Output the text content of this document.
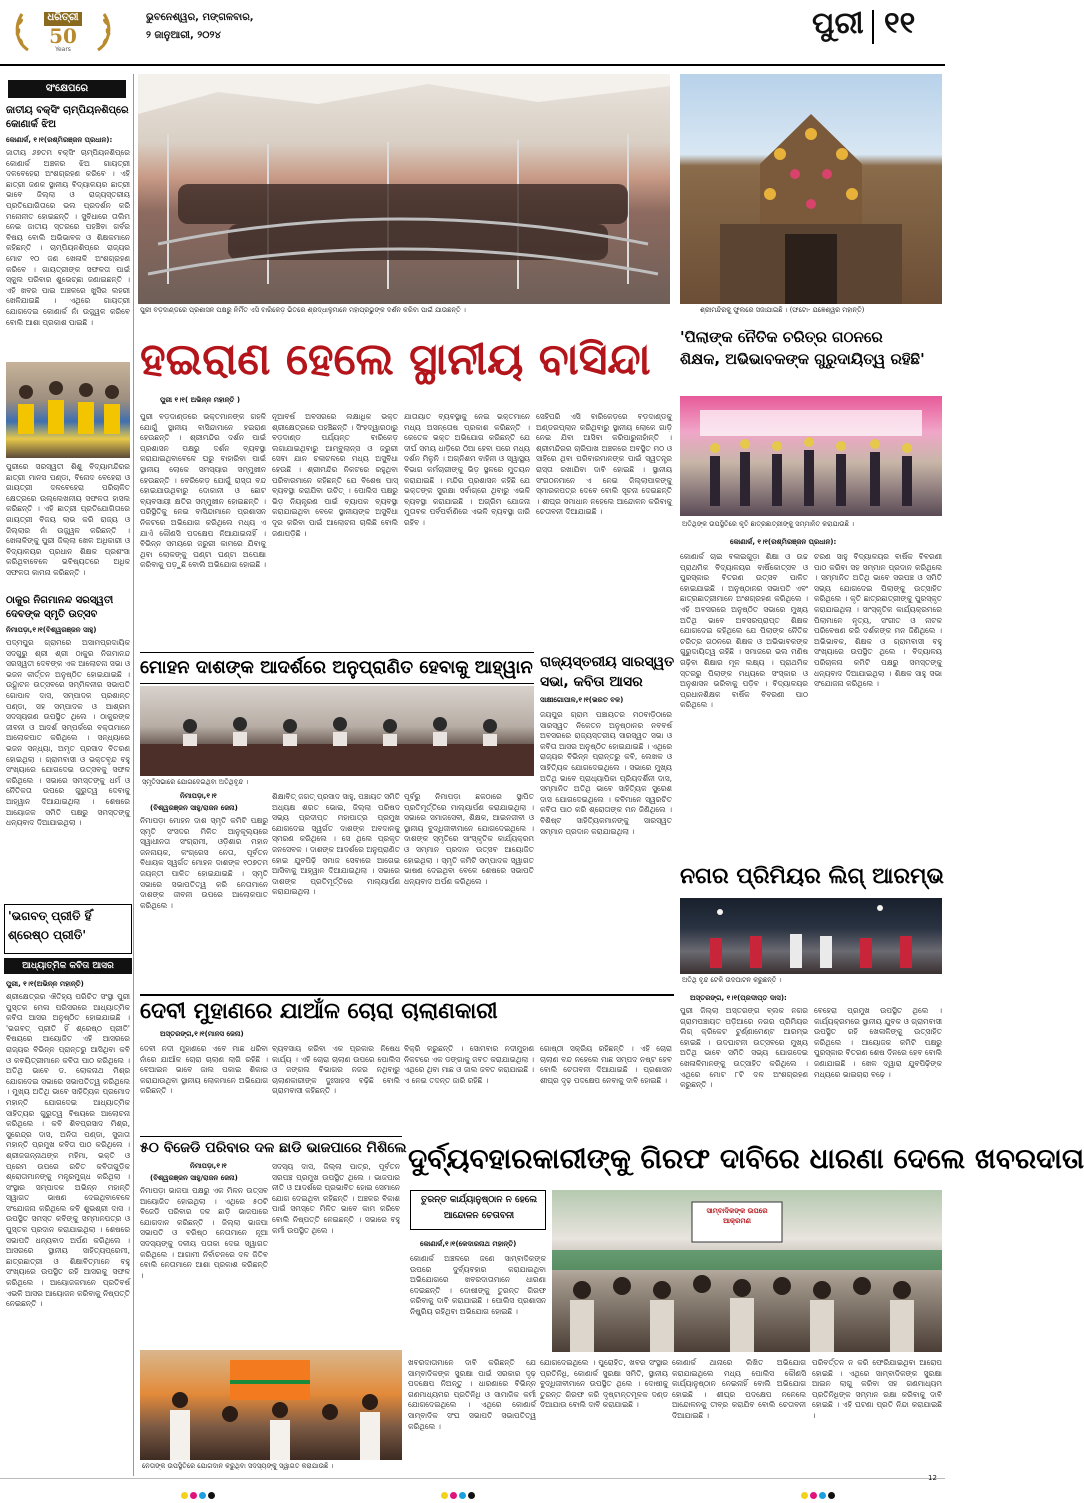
ଧରିତ୍ରୀ
50
Years
ଭୁବନେଶ୍ୱର, ମଙ୍ଗଳବାର,
୨ ଜାନୁଆରୀ, ୨୦୨୪	ପୁରୀ ୧୧
ସଂକ୍ଷେପରେ
ଜାତୀୟ ବକ୍ସିଂ ଚାମ୍ପିୟନଶିପ୍‌ରେ କୋଣାର୍କ ଝିଅ
କୋଣାର୍କ, ୧।୧(ରଶ୍ମିରଞ୍ଜନ ପ୍ରଧାନ):
ଜାତୀୟ ୬୭ତମ ବକ୍ସିଂ ଚାମ୍ପିୟନଶିପ୍‌ରେ କୋଣାର୍କ ଅଞ୍ଚଳର ଝିଅ ଗାୟତ୍ରୀ ଦଳବେହେରା ଅଂଶଗ୍ରହଣ କରିବେ । ଏହି ଛାତ୍ରୀ ଜଣକ ସ୍ଥାନୀୟ ବିଦ୍ୟାଳୟର ଛାତ୍ରୀ ଭାବେ ଜିଲ୍ଲା ଓ ରାଜ୍ୟସ୍ତରୀୟ ପ୍ରତିଯୋଗିତାରେ ଭଲ ପ୍ରଦର୍ଶନ କରି ମନୋନୀତ ହୋଇଛନ୍ତି । ସୁବିଧାରେ ତାଲିମ ନେଇ ଜାତୀୟ ସ୍ତରରେ ପହଞ୍ଚିବା ଗର୍ବର ବିଷୟ ବୋଲି ଅଭିଭାବକ ଓ ଶିକ୍ଷକମାନେ କହିଛନ୍ତି । ଚାମ୍ପିୟନଶିପ୍‌ରେ ରାଜ୍ୟର ମୋଟ ୧୦ ଜଣ ଖେଳାଳି ଅଂଶଗ୍ରହଣ କରିବେ । ଗାୟତ୍ରୀଙ୍କ ସଫଳତା ପାଇଁ ସ୍କୁଲ ପରିବାର ଶୁଭେଚ୍ଛା ଜଣାଇଛନ୍ତି । ଏହି ଖବର ପାଇ ଅଞ୍ଚଳରେ ଖୁସିର ଲହରୀ ଖେଳିଯାଇଛି । ଏଥିରେ ଗାୟତ୍ରୀ ଯୋଗଦେଇ କୋଣାର୍କ ନାଁ ଉଜ୍ଜ୍ୱଳ କରିବେ ବୋଲି ଆଶା ପ୍ରକାଶ ପାଇଛି ।
ପୁରୀରେ ସରସ୍ୱତୀ ଶିଶୁ ବିଦ୍ୟାମନ୍ଦିରର ଛାତ୍ରୀ ମାନସ ପଣ୍ଡା, ବିନୋଦ ବେହେରା ଓ ଗାୟତ୍ରୀ ଦଳବେହେରା ପରିଚାଳିତ କ୍ଷେତ୍ରରେ ଉଲ୍ଲେଖନୀୟ ସଫଳତା ହାସଲ କରିଛନ୍ତି । ଏହି ଛାତ୍ରୀ ପ୍ରତିଯୋଗିତାରେ ଗାୟତ୍ରୀ ବିଜୟ ଲାଭ କରି ରାଜ୍ୟ ଓ ଜିଲ୍ଲାର ନାଁ ଉଜ୍ଜ୍ୱଳ କରିଛନ୍ତି । ଖେଳାଳିଙ୍କୁ ପୁରୀ ଜିଲ୍ଲା ଖେଳ ଅଧିକାରୀ ଓ ବିଦ୍ୟାଳୟର ପ୍ରଧାନ ଶିକ୍ଷକ ପ୍ରଶଂସା କରିଥିବାବେଳେ ଭବିଷ୍ୟତରେ ଅଧିକ ସଫଳତା କାମନା କରିଛନ୍ତି ।
ଠାକୁର ନିଗମାନନ୍ଦ ସରସ୍ୱତୀ ଦେବଙ୍କ ସ୍ମୃତି ଉତ୍ସବ
ନିମାପଡ଼ା,୧।୧(ବିଶ୍ୱରଞ୍ଜନ ସାହୁ)
ପଦ୍ମପୁର ଗ୍ରାମରେ ଅସାମପ୍ରଦାୟିକ ସଦଗୁରୁ ଶ୍ରୀ ଶ୍ରୀ ଠାକୁର ନିଗମାନନ୍ଦ ସରସ୍ୱତୀ ଦେବଙ୍କ ଏକ ଆଲୋଚନା ସଭା ଓ ଭଜନ କୀର୍ତ୍ତନ ଅନୁଷ୍ଠିତ ହୋଇଯାଇଛି । ଉଦ୍ଘାଟନ ଉତ୍ସବରେ ସମ୍ମିଳନୀର ସଭାପତି ଗୋପାଳ ଦାସ, ସମ୍ପାଦକ ପ୍ରଶାନ୍ତ ପଣ୍ଡା, ସହ ସମ୍ପାଦକ ଓ ଆଶ୍ରମ ସଦସ୍ୟଗଣ ଉପସ୍ଥିତ ଥିଲେ । ଠାକୁରଙ୍କ ଜୀବନୀ ଓ ଆଦର୍ଶ ସମ୍ପର୍କରେ ବକ୍ତାମାନେ ଆଲୋକପାତ କରିଥିଲେ । ସନ୍ଧ୍ୟାରେ ଭଜନ ସନ୍ଧ୍ୟା, ଅମୃତ ପ୍ରସାଦ ବିତରଣ ହୋଇଥିଲା । ଗ୍ରାମବାସୀ ଓ ଭକ୍ତବୃନ୍ଦ ବହୁ ସଂଖ୍ୟାରେ ଯୋଗଦେଇ ଉତ୍ସବକୁ ସଫଳ କରିଥିଲେ । ସଭାରେ ସମସ୍ତଙ୍କୁ ଧର୍ମ ଓ ନୈତିକତା ଉପରେ ଗୁରୁତ୍ୱ ଦେବାକୁ ଆହ୍ୱାନ ଦିଆଯାଇଥିଲା । ଶେଷରେ ଆୟୋଜକ ସମିତି ପକ୍ଷରୁ ସମସ୍ତଙ୍କୁ ଧନ୍ୟବାଦ ଦିଆଯାଇଥିଲା ।
'ଭଗବତ୍ ପ୍ରୀତି ହିଁ ଶ୍ରେଷ୍ଠ ପ୍ରୀତି'
ଆଧ୍ୟାତ୍ମିକ କବିତା ଆସର
ପୁରୀ, ୧।୧(ଅଭିନ୍ନ ମହାନ୍ତି)
ଶ୍ରୀକ୍ଷେତ୍ରର ଐତିହ୍ୟ ପରିଚିତ ସଂସ୍ଥା ପୁରୀ ପୁସ୍ତକ ମେଳା ପରିସରରେ ଆଧ୍ୟାତ୍ମିକ କବିତା ଆସର ଅନୁଷ୍ଠିତ ହୋଇଯାଇଛି । 'ଭଗବତ୍ ପ୍ରୀତି ହିଁ ଶ୍ରେଷ୍ଠ ପ୍ରୀତି' ବିଷୟରେ ଆୟୋଜିତ ଏହି ଆସରରେ ରାଜ୍ୟର ବିଭିନ୍ନ ପ୍ରାନ୍ତରୁ ଆସିଥିବା କବି ଓ କବୟିତ୍ରୀମାନେ କବିତା ପାଠ କରିଥିଲେ । ଅତିଥି ଭାବେ ଡ. ଲୋକନାଥ ମିଶ୍ର ଯୋଗଦେଇ ସଭାରେ ସଭାପତିତ୍ୱ କରିଥିଲେ । ମୁଖ୍ୟ ଅତିଥି ଭାବେ ସାହିତ୍ୟିକ ପ୍ରମୋଦ ମହାନ୍ତି ଯୋଗଦେଇ ଆଧ୍ୟାତ୍ମିକ ସାହିତ୍ୟର ଗୁରୁତ୍ୱ ବିଷୟରେ ଆଲୋଚନା କରିଥିଲେ । କବି ଶିବପ୍ରସାଦ ମିଶ୍ର, ସୁରେନ୍ଦ୍ର ଦାସ, ଅନିତା ପଣ୍ଡା, ସୁଜାତା ମହାନ୍ତି ପ୍ରମୁଖ କବିତା ପାଠ କରିଥିଲେ । ଶ୍ରୀଜଗନ୍ନାଥଙ୍କ ମହିମା, ଭକ୍ତି ଓ ପ୍ରେମ ଉପରେ ରଚିତ କବିତାଗୁଡ଼ିକ ଶ୍ରୋତାମାନଙ୍କୁ ମନ୍ତ୍ରମୁଗ୍ଧ କରିଥିଲା । ସଂସ୍ଥାର ସମ୍ପାଦକ ଅଭିନ୍ନ ମହାନ୍ତି ସ୍ୱାଗତ ଭାଷଣ ଦେଇଥିବାବେଳେ ସଂଯୋଜନା କରିଥିଲେ କବି ଶୁଭଶ୍ରୀ ଦାସ । ଉପସ୍ଥିତ ସମସ୍ତ କବିଙ୍କୁ ସମ୍ମାନପତ୍ର ଓ ପୁସ୍ତକ ପ୍ରଦାନ କରାଯାଇଥିଲା । ଶେଷରେ ସଭାପତି ଧନ୍ୟବାଦ ଅର୍ପଣ କରିଥିଲେ । ଆସରରେ ସ୍ଥାନୀୟ ସାହିତ୍ୟପ୍ରେମୀ, ଛାତ୍ରଛାତ୍ରୀ ଓ ଶିକ୍ଷାବିତ୍‌ମାନେ ବହୁ ସଂଖ୍ୟାରେ ଉପସ୍ଥିତ ରହି ଆସରକୁ ସଫଳ କରିଥିଲେ । ଆୟୋଜକମାନେ ପ୍ରତିବର୍ଷ ଏଭଳି ଆସର ଆୟୋଜନ କରିବାକୁ ନିଷ୍ପତ୍ତି ନେଇଛନ୍ତି ।
ପୁରୀ ବଡ଼ଦାଣ୍ଡରେ ପ୍ରଶାସନ ପକ୍ଷରୁ ନିର୍ମିତ ଏସି ବାରିକେଡ଼ ଭିତରେ ଶ୍ରଦ୍ଧାଳୁମାନେ ମହାପ୍ରଭୁଙ୍କ ଦର୍ଶନ କରିବା ପାଇଁ ଯାଉଛନ୍ତି ।	ଶ୍ରୀମନ୍ଦିରକୁ ଫୁଲରେ ସଜାଯାଇଛି । (ଫଟୋ- ଯଜ୍ଞେଶ୍ୱର ମହାନ୍ତି)
ହଇରାଣ ହେଲେ ସ୍ଥାନୀୟ ବାସିନ୍ଦା
ପୁରୀ ୧।୧( ଅଭିନ୍ନ ମହାନ୍ତି )
ପୁରୀ ବଡ଼ଦାଣ୍ଡରେ ଭକ୍ତମାନଙ୍କ ଗହଳି ଯୋଗୁଁ ସ୍ଥାନୀୟ ବାସିନ୍ଦାମାନେ ହଇରାଣ ହେଉଛନ୍ତି । ଶ୍ରୀମନ୍ଦିର ଦର୍ଶନ ପାଇଁ ପ୍ରଶାସନ ପକ୍ଷରୁ ଦର୍ଶନ ବ୍ୟବସ୍ଥା କରାଯାଇଥିବାବେଳେ ଘରୁ ବାହାରିବା ପାଇଁ ସ୍ଥାନୀୟ ଲୋକେ ସମସ୍ୟାର ସମ୍ମୁଖୀନ ହେଉଛନ୍ତି । ବେରିକେଡ଼ ଯୋଗୁଁ ରାସ୍ତା ବନ୍ଦ ହୋଇଯାଉଥିବାରୁ ଦୋକାନୀ ଓ ଛୋଟ ବ୍ୟବସାୟୀ କ୍ଷତିର ସମ୍ମୁଖୀନ ହୋଇଛନ୍ତି । ପରିସ୍ଥିତିକୁ ନେଇ ବାସିନ୍ଦାମାନେ ପ୍ରଶାସନ ନିକଟରେ ଅଭିଯୋଗ କରିଥିଲେ ମଧ୍ୟ ଏ ଯାଏଁ କୌଣସି ପଦକ୍ଷେପ ନିଆଯାଇନାହିଁ । ବିଭିନ୍ନ ସମୟରେ ଜରୁରୀ କାମରେ ଯିବାକୁ ଥିବା ଲୋକଙ୍କୁ ଘଣ୍ଟା ଘଣ୍ଟା ଅପେକ୍ଷା କରିବାକୁ ପଡ଼ୁଛି ବୋଲି ଅଭିଯୋଗ ହୋଇଛି ।
ନୂଆବର୍ଷ ଅବସରରେ ଲକ୍ଷାଧିକ ଭକ୍ତ ଶ୍ରୀକ୍ଷେତ୍ରରେ ପହଞ୍ଚିଛନ୍ତି । ସିଂହଦ୍ୱାରଠାରୁ ବଡ଼ଦାଣ୍ଡ ପର୍ଯ୍ୟନ୍ତ ବାରିକେଡ଼ ଲଗାଯାଇଥିବାରୁ ଆମ୍ବୁଲାନ୍ସ ଓ ଜରୁରୀ ସେବା ଯାନ ଚଳାଚଳରେ ମଧ୍ୟ ଅସୁବିଧା ହେଉଛି । ଶ୍ରୀମନ୍ଦିର ନିକଟରେ ରହୁଥିବା ପରିବାରମାନେ କହିଛନ୍ତି ଯେ ବିଶେଷ ପାସ୍ ବ୍ୟବସ୍ଥା କରାଯିବା ଉଚିତ୍ । ପୋଲିସ ପକ୍ଷରୁ ଭିଡ଼ ନିୟନ୍ତ୍ରଣ ପାଇଁ ବ୍ୟାପକ ବ୍ୟବସ୍ଥା କରାଯାଇଥିବା ବେଳେ ସ୍ଥାନୀୟଙ୍କ ଅସୁବିଧା ଦୂର କରିବା ପାଇଁ ଆଲୋଚନା ଚାଲିଛି ବୋଲି ଜଣାପଡ଼ିଛି ।
ଯାତାୟାତ ବ୍ୟବସ୍ଥାକୁ ନେଇ ଭକ୍ତମାନେ ମଧ୍ୟ ଅସନ୍ତୋଷ ପ୍ରକାଶ କରିଛନ୍ତି । କେତେକ ଭକ୍ତ ଅଭିଯୋଗ କରିଛନ୍ତି ଯେ ଦୀର୍ଘ ସମୟ ଧାଡ଼ିରେ ଠିଆ ହେବା ପରେ ମଧ୍ୟ ଦର୍ଶନ ମିଳୁନି । ଅଗ୍ନିଶମ ବାହିନୀ ଓ ସ୍ୱାସ୍ଥ୍ୟ ବିଭାଗ କର୍ମଚାରୀଙ୍କୁ ଭିଡ଼ ସ୍ଥଳରେ ମୁତୟନ କରାଯାଇଛି । ମନ୍ଦିର ପ୍ରଶାସନ କହିଛି ଯେ ଭକ୍ତଙ୍କ ସୁରକ୍ଷା ସର୍ବାଗ୍ରେ ଥିବାରୁ ଏଭଳି ବ୍ୟବସ୍ଥା କରାଯାଇଛି । ଅଗ୍ରିମ ଯୋଜନା ମୁତାବକ ପର୍ବପର୍ବାଣିରେ ଏଭଳି ବ୍ୟବସ୍ଥା ଜାରି ରହିବ ।
ସେହିପରି ଏସି ବାରିକେଡ଼ରେ ବଡ଼ଦାଣ୍ଡକୁ ଅଣ୍ଡରପ୍ଲାନ କରିଥିବାରୁ ସ୍ଥାନୀୟ ଲୋକେ ଗାଡ଼ି ନେଇ ଯିବା ଆସିବା କରିପାରୁନାହାଁନ୍ତି । ଶ୍ରୀମନ୍ଦିରର ଚାରିପାଖ ଅଞ୍ଚଳରେ ଅବସ୍ଥିତ ମଠ ଓ ସାହିରେ ଥିବା ପରିବାରମାନଙ୍କ ପାଇଁ ସ୍ୱତନ୍ତ୍ର ରାସ୍ତା ରଖାଯିବା ଦାବି ହୋଇଛି । ସ୍ଥାନୀୟ ସଂଗଠନମାନେ ଏ ନେଇ ଜିଲ୍ଲାପାଳଙ୍କୁ ସ୍ମାରକପତ୍ର ଦେବେ ବୋଲି ସୂଚନା ଦେଇଛନ୍ତି । ଶୀଘ୍ର ସମାଧାନ ନହେଲେ ଆନ୍ଦୋଳନ କରିବାକୁ ଚେତାବନୀ ଦିଆଯାଇଛି ।
'ପିଲାଙ୍କ ନୈତିକ ଚରିତ୍ର ଗଠନରେ
ଶିକ୍ଷକ, ଅଭିଭାବକଙ୍କ ଗୁରୁଦାୟିତ୍ୱ ରହିଛି'
ଅତିଥିଙ୍କ ଉପସ୍ଥିତିରେ କୃତି ଛାତ୍ରଛାତ୍ରୀଙ୍କୁ ସମ୍ମାନିତ କରାଯାଉଛି ।
କୋଣାର୍କ, ୧।୧(ରଶ୍ମିରଞ୍ଜନ ପ୍ରଧାନ):
କୋଣାର୍କ ଚାଇ ବଳାଇଗୁଡ଼ା ଶିକ୍ଷା ଓ ଉଚ୍ଚ ପ୍ରାଥମିକ ବିଦ୍ୟାଳୟର ବାର୍ଷିକୋତ୍ସବ ଓ ପୁରସ୍କାର ବିତରଣ ଉତ୍ସବ ପାଳିତ ହୋଇଯାଇଛି । ଅନୁଷ୍ଠାନର ସଭାପତି ଏବଂ ଛାତ୍ରଛାତ୍ରୀମାନେ ଅଂଶଗ୍ରହଣ କରିଥିଲେ । ଏହି ଅବସରରେ ଅନୁଷ୍ଠିତ ସଭାରେ ମୁଖ୍ୟ ଅତିଥି ଭାବେ ଅବସରପ୍ରାପ୍ତ ଶିକ୍ଷକ ଯୋଗଦେଇ କହିଥିଲେ ଯେ ପିଲାଙ୍କ ନୈତିକ ଚରିତ୍ର ଗଠନରେ ଶିକ୍ଷକ ଓ ଅଭିଭାବକଙ୍କ ଗୁରୁଦାୟିତ୍ୱ ରହିଛି । ସମାଜରେ ଭଲ ମଣିଷ ଗଢ଼ିବା ଶିକ୍ଷାର ମୂଳ ଲକ୍ଷ୍ୟ । ପ୍ରାଥମିକ ସ୍ତରରୁ ପିଲାଙ୍କ ମଧ୍ୟରେ ସଂସ୍କାର ଓ ଅନୁଶାସନ ଭରିବାକୁ ପଡ଼ିବ । ବିଦ୍ୟାଳୟର ପ୍ରଧାନଶିକ୍ଷକ ବାର୍ଷିକ ବିବରଣୀ ପାଠ କରିଥିଲେ ।
ଚରଣ ସାହୁ ବିଦ୍ୟାଳୟର ବାର୍ଷିକ ବିବରଣୀ ପାଠ କରିବା ସହ ସମ୍ମାନ ପ୍ରଦାନ କରିଥିଲେ । ସମ୍ମାନିତ ଅତିଥି ଭାବେ ସରପଞ୍ଚ ଓ ସମିତି ସଭ୍ୟ ଯୋଗଦେଇ ପିଲାଙ୍କୁ ଉତ୍ସାହିତ କରିଥିଲେ । କୃତି ଛାତ୍ରଛାତ୍ରୀଙ୍କୁ ପୁରସ୍କୃତ କରାଯାଇଥିଲା । ସାଂସ୍କୃତିକ କାର୍ଯ୍ୟକ୍ରମରେ ପିଲାମାନେ ନୃତ୍ୟ, ସଂଗୀତ ଓ ନାଟକ ପରିବେଷଣ କରି ଦର୍ଶକଙ୍କ ମନ ଜିଣିଥିଲେ । ଅଭିଭାବକ, ଶିକ୍ଷକ ଓ ଗ୍ରାମବାସୀ ବହୁ ସଂଖ୍ୟାରେ ଉପସ୍ଥିତ ଥିଲେ । ବିଦ୍ୟାଳୟ ପରିଚାଳନା କମିଟି ପକ୍ଷରୁ ସମସ୍ତଙ୍କୁ ଧନ୍ୟବାଦ ଦିଆଯାଇଥିଲା । ଶିକ୍ଷକ ସାହୁ ସଭା ସଂଯୋଜନା କରିଥିଲେ ।
ମୋହନ ଦାଶଙ୍କ ଆଦର୍ଶରେ ଅନୁପ୍ରାଣିତ ହେବାକୁ ଆହ୍ୱାନ
ସ୍ମୃତିସଭାରେ ଯୋଗଦେଇଥିବା ଅତିଥିବୃନ୍ଦ ।
ନିମାପଡ଼ା,୧।୧
(ବିଶ୍ୱରଞ୍ଜନ ସାହୁ/ରାଜନ ଜେନା)
ନିମାପଡ଼ା ମୋହନ ଦାଶ ସ୍ମୃତି କମିଟି ପକ୍ଷରୁ ସ୍ମୃତି ସଂସଦର ମିଳିତ ଆନୁକୂଲ୍ୟରେ ସ୍ୱାଧୀନତା ସଂଗ୍ରାମୀ, ଓଡ଼ିଶାର ମହାନ ଜନନାୟକ, କଂଗ୍ରେସ ନେତା, ପୂର୍ବତନ ବିଧାୟକ ସ୍ୱର୍ଗତ ମୋହନ ଦାଶଙ୍କ ୧୦୭ତମ ଜୟନ୍ତୀ ପାଳିତ ହୋଇଯାଇଛି । ସ୍ମୃତି ସଭାରେ ସଭାପତିତ୍ୱ କରି ନେତାମାନେ ଦାଶଙ୍କ ଜୀବନୀ ଉପରେ ଆଲୋକପାତ କରିଥିଲେ ।
ଶିକ୍ଷାବିତ୍ ଜଗତ୍ ପ୍ରସାଦ ସାହୁ, ପଞ୍ଚାୟତ ସମିତି ଅଧ୍ୟକ୍ଷ ଶରତ ଭୋଇ, ଜିଲ୍ଲା ପରିଷଦ ସଭ୍ୟ ପ୍ରଦୀପ୍ତ ମହାପାତ୍ର ପ୍ରମୁଖ ଯୋଗଦେଇ ସ୍ୱର୍ଗତ ଦାଶଙ୍କ ଅବଦାନକୁ ସ୍ମରଣ କରିଥିଲେ । ସେ ଥିଲେ ପ୍ରକୃତ ଜନସେବକ । ଦାଶଙ୍କ ଆଦର୍ଶରେ ଅନୁପ୍ରାଣିତ ହୋଇ ଯୁବପିଢ଼ି ସମାଜ ସେବାରେ ଆଗେଇ ଆସିବାକୁ ଆହ୍ୱାନ ଦିଆଯାଇଥିଲା । ସଭାରେ ଦାଶଙ୍କ ପ୍ରତିମୂର୍ତ୍ତିରେ ମାଲ୍ୟାର୍ପଣ କରାଯାଇଥିଲା ।
ପୂର୍ବରୁ ନିମାପଡ଼ା ଛକଠାରେ ସ୍ଥାପିତ ପ୍ରତିମୂର୍ତ୍ତିରେ ମାଲ୍ୟାର୍ପଣ କରାଯାଇଥିଲା । ସଭାରେ ସମାଜସେବୀ, ଶିକ୍ଷକ, ଆଇନଜୀବୀ ଓ ସ୍ଥାନୀୟ ବୁଦ୍ଧିଜୀବୀମାନେ ଯୋଗଦେଇଥିଲେ । ଦାଶଙ୍କ ସ୍ମୃତିରେ ସାଂସ୍କୃତିକ କାର୍ଯ୍ୟକ୍ରମ ଓ ସମ୍ମାନ ପ୍ରଦାନ ଉତ୍ସବ ଆୟୋଜିତ ହୋଇଥିଲା । ସ୍ମୃତି କମିଟି ସମ୍ପାଦକ ସ୍ୱାଗତ ଭାଷଣ ଦେଇଥିବା ବେଳେ ଶେଷରେ ସଭାପତି ଧନ୍ୟବାଦ ଅର୍ପଣ କରିଥିଲେ ।
ରାଜ୍ୟସ୍ତରୀୟ ସାରସ୍ୱତ
ସଭା, କବିତା ଆସର
ସାକ୍ଷୀଗୋପାଳ,୧।୧(ଭରତ ବଳ)
ଜୟପୁର ଗ୍ରାମ ପଞ୍ଚାୟତର ମଠବାଡ଼ିଠାରେ ସାରସ୍ୱତ ନିକେତନ ଅନୁଷ୍ଠାନର ନବବର୍ଷ ଅବସରରେ ରାଜ୍ୟସ୍ତରୀୟ ସାରସ୍ୱତ ସଭା ଓ କବିତା ଆସର ଅନୁଷ୍ଠିତ ହୋଇଯାଇଛି । ଏଥିରେ ରାଜ୍ୟର ବିଭିନ୍ନ ପ୍ରାନ୍ତରୁ କବି, ଲେଖକ ଓ ସାହିତ୍ୟିକ ଯୋଗଦେଇଥିଲେ । ସଭାରେ ମୁଖ୍ୟ ଅତିଥି ଭାବେ ପ୍ରାଧ୍ୟାପିକା ପ୍ରିୟଦର୍ଶିନୀ ଦାସ, ସମ୍ମାନିତ ଅତିଥି ଭାବେ ସାହିତ୍ୟିକ ସୁରେଶ ଦାସ ଯୋଗଦେଇଥିଲେ । କବିମାନେ ସ୍ୱରଚିତ କବିତା ପାଠ କରି ଶ୍ରୋତାଙ୍କ ମନ ଜିଣିଥିଲେ । ବିଶିଷ୍ଟ ସାହିତ୍ୟିକମାନଙ୍କୁ ସାରସ୍ୱତ ସମ୍ମାନ ପ୍ରଦାନ କରାଯାଇଥିଲା ।
ନଗର ପ୍ରିମିୟର ଲିଗ୍ ଆରମ୍ଭ
ଅତିଥି ବୃନ୍ଦ ଟେକି ଉଦଘାଟନ କରୁଛନ୍ତି ।
ଅସ୍ତରଙ୍ଗ, ୧।୧(ପ୍ରଦୀପ୍ତ ଦାସ):
ପୁରୀ ଜିଲ୍ଲା ଅସ୍ତରଙ୍ଗ ବ୍ଲକ ନଗର ଗ୍ରାମପଞ୍ଚାୟତ ପଡ଼ିଆରେ ନଗର ପ୍ରିମିୟର ଲିଗ୍ କ୍ରିକେଟ ଟୁର୍ଣ୍ଣାମେଣ୍ଟ ଆରମ୍ଭ ହୋଇଛି । ଉଦଘାଟନୀ ଉତ୍ସବରେ ମୁଖ୍ୟ ଅତିଥି ଭାବେ ସମିତି ସଭ୍ୟ ଯୋଗଦେଇ ଖେଳାଳିମାନଙ୍କୁ ଉତ୍ସାହିତ କରିଥିଲେ । ଏଥିରେ ମୋଟ ୮ଟି ଦଳ ଅଂଶଗ୍ରହଣ କରୁଛନ୍ତି ।
ବେହେରା ପ୍ରମୁଖ ଉପସ୍ଥିତ ଥିଲେ । କାର୍ଯ୍ୟକ୍ରମରେ ସ୍ଥାନୀୟ ଯୁବକ ଓ ଗ୍ରାମବାସୀ ଉପସ୍ଥିତ ରହି ଖେଳାଳିଙ୍କୁ ଉତ୍ସାହିତ କରିଥିଲେ । ଆୟୋଜକ କମିଟି ପକ୍ଷରୁ ପୁରସ୍କାର ବିତରଣ ଶେଷ ଦିନରେ ହେବ ବୋଲି ଜଣାଯାଇଛି । ଖେଳ ଦ୍ୱାରା ଯୁବପିଢ଼ିଙ୍କ ମଧ୍ୟରେ ଭାଇଚାରା ବଢ଼େ ।
ଦେବୀ ମୁହାଣରେ ଯାଆଁଳ ଚୋରା ଚାଲାଣକାରୀ
ଅସ୍ତରଙ୍ଗ,୧।୧(ମାନସ ଜେନା)
ଦେବୀ ନଦୀ ମୁହାଣରେ ଏବେ ମାଛ ଧରିବା ନାଁରେ ଯାଆଁଳ ଚୋରା ଚାଲାଣ ଲାଗି ରହିଛି । ବେଆଇନ ଭାବେ ଜାଲ ପକାଇ ଶିକାର କରାଯାଉଥିବା ସ୍ଥାନୀୟ ଲୋକମାନେ ଅଭିଯୋଗ କରିଛନ୍ତି ।
ବ୍ୟବସାୟ କରିବା ଏକ ପ୍ରକାର ନିଷେଧ କାର୍ଯ୍ୟ । ଏହି ଚୋରା ଚାଲାଣ ଉପରେ ପୋଲିସ ଓ ଜଙ୍ଗଲ ବିଭାଗର ନଜର ନଥିବାରୁ ଚାଲାଣକାରୀଙ୍କ ଦୁଃସାହସ ବଢ଼ିଛି ବୋଲି ଗ୍ରାମବାସୀ କହିଛନ୍ତି ।
ବିକ୍ରି କରୁଛନ୍ତି । ସୋମବାର ନଦୀମୁହାଣ ନିକଟରେ ଏକ ଡଙ୍ଗାକୁ ଜବତ କରାଯାଇଥିଲା । ଏଥିରେ ଥିବା ମାଛ ଓ ଜାଲ ଜବତ କରାଯାଇଛି । ଏ ନେଇ ତଦନ୍ତ ଜାରି ରହିଛି ।
ଗୋଷ୍ଠୀ ସକ୍ରିୟ ରହିଛନ୍ତି । ଏହି ଚୋରା ଚାଲାଣ ବନ୍ଦ ନହେଲେ ମାଛ ସମ୍ପଦ ନଷ୍ଟ ହେବ ବୋଲି ଚେତାବନୀ ଦିଆଯାଇଛି । ପ୍ରଶାସନ ଶୀଘ୍ର ଦୃଢ଼ ପଦକ୍ଷେପ ନେବାକୁ ଦାବି ହୋଇଛି ।
୫୦ ବିଜେଡି ପରିବାର ଦଳ ଛାଡି ଭାଜପାରେ ମିଶିଲେ
ନିମାପଡ଼ା,୧।୧
(ବିଶ୍ୱରଞ୍ଜନ ସାହୁ/ରାଜନ ଜେନା)
ନିମାପଡ଼ା ଭାଜପା ପକ୍ଷରୁ ଏକ ମିଳନ ଉତ୍ସବ ଆୟୋଜିତ ହୋଇଥିଲା । ଏଥିରେ ୫୦ଟି ବିଜେଡି ପରିବାର ଦଳ ଛାଡ଼ି ଭାଜପାରେ ଯୋଗଦାନ କରିଛନ୍ତି । ଜିଲ୍ଲା ଭାଜପା ସଭାପତି ଓ ବରିଷ୍ଠ ନେତାମାନେ ନୂଆ ସଦସ୍ୟଙ୍କୁ ଦଳୀୟ ପତାକା ଦେଇ ସ୍ୱାଗତ କରିଥିଲେ । ଆଗାମୀ ନିର୍ବାଚନରେ ଦଳ ଜିତିବ ବୋଲି ନେତାମାନେ ଆଶା ପ୍ରକାଶ କରିଛନ୍ତି ।
ସଦସ୍ୟ ଦାସ, ଜିଲ୍ଲା ପାତ୍ର, ପୂର୍ବତନ ସରପଞ୍ଚ ପ୍ରମୁଖ ଉପସ୍ଥିତ ଥିଲେ । ଭାଜପାର ନୀତି ଓ ଆଦର୍ଶରେ ପ୍ରଭାବିତ ହୋଇ ସେମାନେ ଯୋଗ ଦେଇଥିବା କହିଛନ୍ତି । ଅଞ୍ଚଳର ବିକାଶ ପାଇଁ ସମସ୍ତେ ମିଳିତ ଭାବେ କାମ କରିବେ ବୋଲି ନିଷ୍ପତ୍ତି ନେଇଛନ୍ତି । ସଭାରେ ବହୁ କର୍ମୀ ଉପସ୍ଥିତ ଥିଲେ ।
ନେତାଙ୍କ ଉପସ୍ଥିତିରେ ଯୋଗଦାନ କରୁଥିବା ସଦସ୍ୟଙ୍କୁ ସ୍ୱାଗତ କରାଯାଉଛି ।
ଦୁର୍ବ୍ୟବହାରକାରୀଙ୍କୁ ଗିରଫ ଦାବିରେ ଧାରଣା ଦେଲେ ଖବରଦାତା
ତୁରନ୍ତ କାର୍ଯ୍ୟାନୁଷ୍ଠାନ ନ ହେଲେ
ଆନ୍ଦୋଳନ ଚେତାବନୀ
କୋଣାର୍କ,୧।୧(କେଦାରନାଥ ମହାନ୍ତି)
କୋଣାର୍କ ଅଞ୍ଚଳରେ ଜଣେ ସାମ୍ବାଦିକଙ୍କ ଉପରେ ଦୁର୍ବ୍ୟବହାର କରାଯାଇଥିବା ଅଭିଯୋଗରେ ଖବରଦାତାମାନେ ଧାରଣା ଦେଇଛନ୍ତି । ଦୋଷୀଙ୍କୁ ତୁରନ୍ତ ଗିରଫ କରିବାକୁ ଦାବି କରାଯାଇଛି । ପୋଲିସ ପ୍ରଶାସନ ନିଷ୍କ୍ରିୟ ରହିଥିବା ଅଭିଯୋଗ ହୋଇଛି ।
ସାମ୍ବାଦିକଙ୍କ ଉପରେ ଆକ୍ରମଣ
ଖବରଦାତାମାନେ ଦାବି କରିଛନ୍ତି ଯେ ସାମ୍ବାଦିକଙ୍କ ସୁରକ୍ଷା ପାଇଁ ସରକାର ଦୃଢ଼ ପଦକ୍ଷେପ ନିଅନ୍ତୁ । ଧାରଣାରେ ବିଭିନ୍ନ ଗଣମାଧ୍ୟମର ପ୍ରତିନିଧି ଓ ସାମାଜିକ କର୍ମୀ ଯୋଗଦେଇଥିଲେ । ଏଥିରେ କୋଣାର୍କ ସାମ୍ବାଦିକ ସଂଘ ସଭାପତି ସଭାପତିତ୍ୱ କରିଥିଲେ ।
ଯୋଗଦେଇଥିଲେ । ପୁରୋହିତ, ଖବର ସଂସ୍ଥାର ପ୍ରତିନିଧି, କୋଣାର୍କ ସୁରକ୍ଷା ସମିତି, ସ୍ଥାନୀୟ ବୁଦ୍ଧିଜୀବୀମାନେ ଉପସ୍ଥିତ ଥିଲେ । ଦୋଷୀକୁ ତୁରନ୍ତ ଗିରଫ କରି ଦୃଷ୍ଟାନ୍ତମୂଳକ ଦଣ୍ଡ ଦିଆଯାଉ ବୋଲି ଦାବି କରାଯାଇଛି ।
କୋଣାର୍କ ଥାନାରେ ଲିଖିତ ଅଭିଯୋଗ କରାଯାଇଥିଲେ ମଧ୍ୟ ପୋଲିସ କୌଣସି କାର୍ଯ୍ୟାନୁଷ୍ଠାନ ନେଇନାହିଁ ବୋଲି ଅଭିଯୋଗ ହୋଇଛି । ଶୀଘ୍ର ପଦକ୍ଷେପ ନନେଲେ ଆନ୍ଦୋଳନକୁ ତୀବ୍ର କରାଯିବ ବୋଲି ଚେତାବନୀ ଦିଆଯାଇଛି ।
ପରିବର୍ତ୍ତନ ନ କରି ଫେରିଯାଇଥିବା ଆରୋପ ହୋଇଛି । ଏଥିରେ ସାମ୍ବାଦିକଙ୍କ ସୁରକ୍ଷା ଆଇନ ଲାଗୁ କରିବା ସହ ଗଣମାଧ୍ୟମ ପ୍ରତିନିଧିଙ୍କ ସମ୍ମାନ ରକ୍ଷା କରିବାକୁ ଦାବି ହୋଇଛି । ଏହି ଘଟଣା ପ୍ରତି ନିନ୍ଦା କରାଯାଇଛି ।
12
